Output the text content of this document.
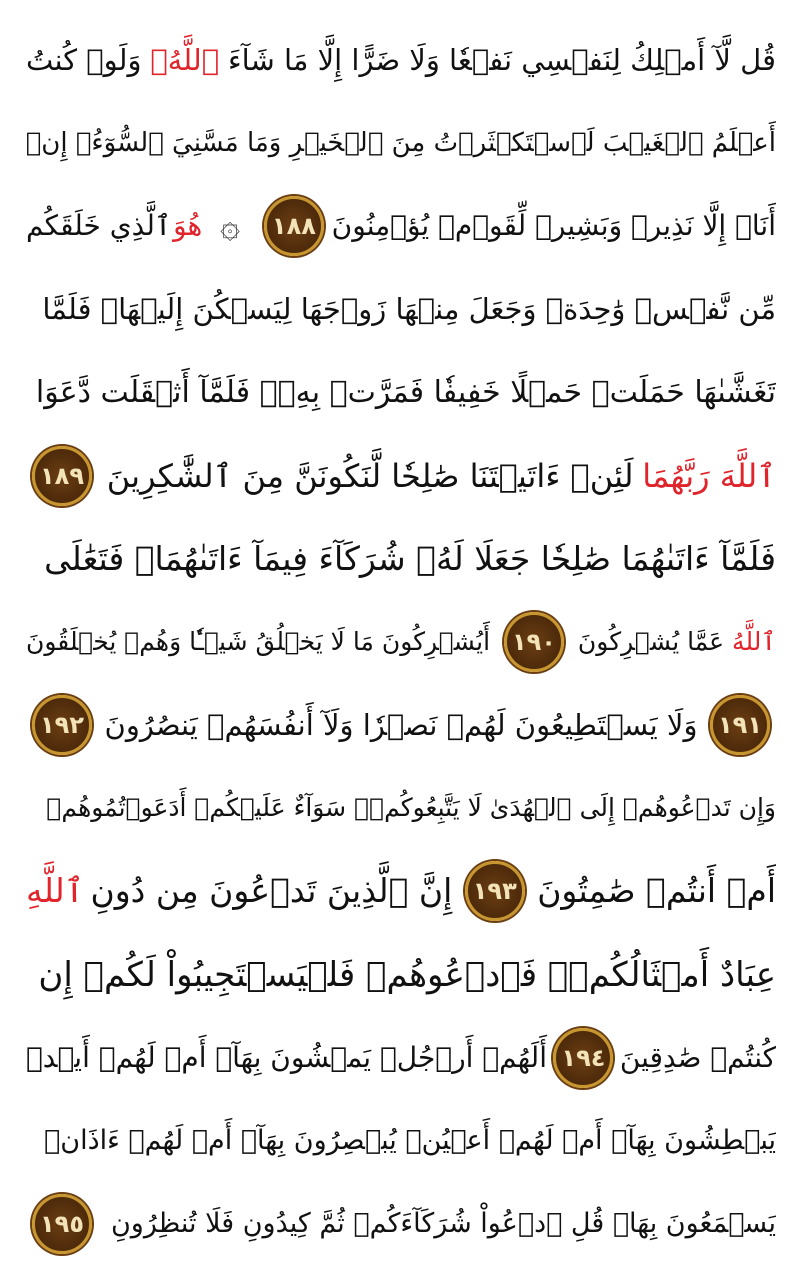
قُل لَّآ أَمۡلِكُ لِنَفۡسِي نَفۡعٗا وَلَا ضَرًّا إِلَّا مَا شَآءَ
ٱللَّهُۚ
وَلَوۡ كُنتُ
أَعۡلَمُ ٱلۡغَيۡبَ لَٱسۡتَكۡثَرۡتُ مِنَ ٱلۡخَيۡرِ وَمَا مَسَّنِيَ ٱلسُّوٓءُۚ إِنۡ
أَنَا۠ إِلَّا نَذِيرٞ وَبَشِيرٞ لِّقَوۡمٖ يُؤۡمِنُونَ
١٨٨
۞
هُوَ
ٱلَّذِي خَلَقَكُم
مِّن نَّفۡسٖ وَٰحِدَةٖ وَجَعَلَ مِنۡهَا زَوۡجَهَا لِيَسۡكُنَ إِلَيۡهَاۖ فَلَمَّا
تَغَشَّىٰهَا حَمَلَتۡ حَمۡلًا خَفِيفٗا فَمَرَّتۡ بِهِۦۖ فَلَمَّآ أَثۡقَلَت دَّعَوَا
ٱللَّهَ رَبَّهُمَا
لَئِنۡ ءَاتَيۡتَنَا صَٰلِحٗا لَّنَكُونَنَّ مِنَ ٱلشَّٰكِرِينَ
١٨٩
فَلَمَّآ ءَاتَىٰهُمَا صَٰلِحٗا جَعَلَا لَهُۥ شُرَكَآءَ فِيمَآ ءَاتَىٰهُمَاۚ فَتَعَٰلَى
ٱللَّهُ
عَمَّا يُشۡرِكُونَ
١٩٠
أَيُشۡرِكُونَ مَا لَا يَخۡلُقُ شَيۡـٔٗا وَهُمۡ يُخۡلَقُونَ
١٩١
وَلَا يَسۡتَطِيعُونَ لَهُمۡ نَصۡرٗا وَلَآ أَنفُسَهُمۡ يَنصُرُونَ
١٩٢
وَإِن تَدۡعُوهُمۡ إِلَى ٱلۡهُدَىٰ لَا يَتَّبِعُوكُمۡۚ سَوَآءٌ عَلَيۡكُمۡ أَدَعَوۡتُمُوهُمۡ
أَمۡ أَنتُمۡ صَٰمِتُونَ
١٩٣
إِنَّ ٱلَّذِينَ تَدۡعُونَ مِن دُونِ
ٱللَّهِ
عِبَادٌ أَمۡثَالُكُمۡۖ فَٱدۡعُوهُمۡ فَلۡيَسۡتَجِيبُواْ لَكُمۡ إِن
كُنتُمۡ صَٰدِقِينَ
١٩٤
أَلَهُمۡ أَرۡجُلٞ يَمۡشُونَ بِهَآۖ أَمۡ لَهُمۡ أَيۡدٖ
يَبۡطِشُونَ بِهَآۖ أَمۡ لَهُمۡ أَعۡيُنٞ يُبۡصِرُونَ بِهَآۖ أَمۡ لَهُمۡ ءَاذَانٞ
يَسۡمَعُونَ بِهَاۗ قُلِ ٱدۡعُواْ شُرَكَآءَكُمۡ ثُمَّ كِيدُونِ فَلَا تُنظِرُونِ
١٩٥
